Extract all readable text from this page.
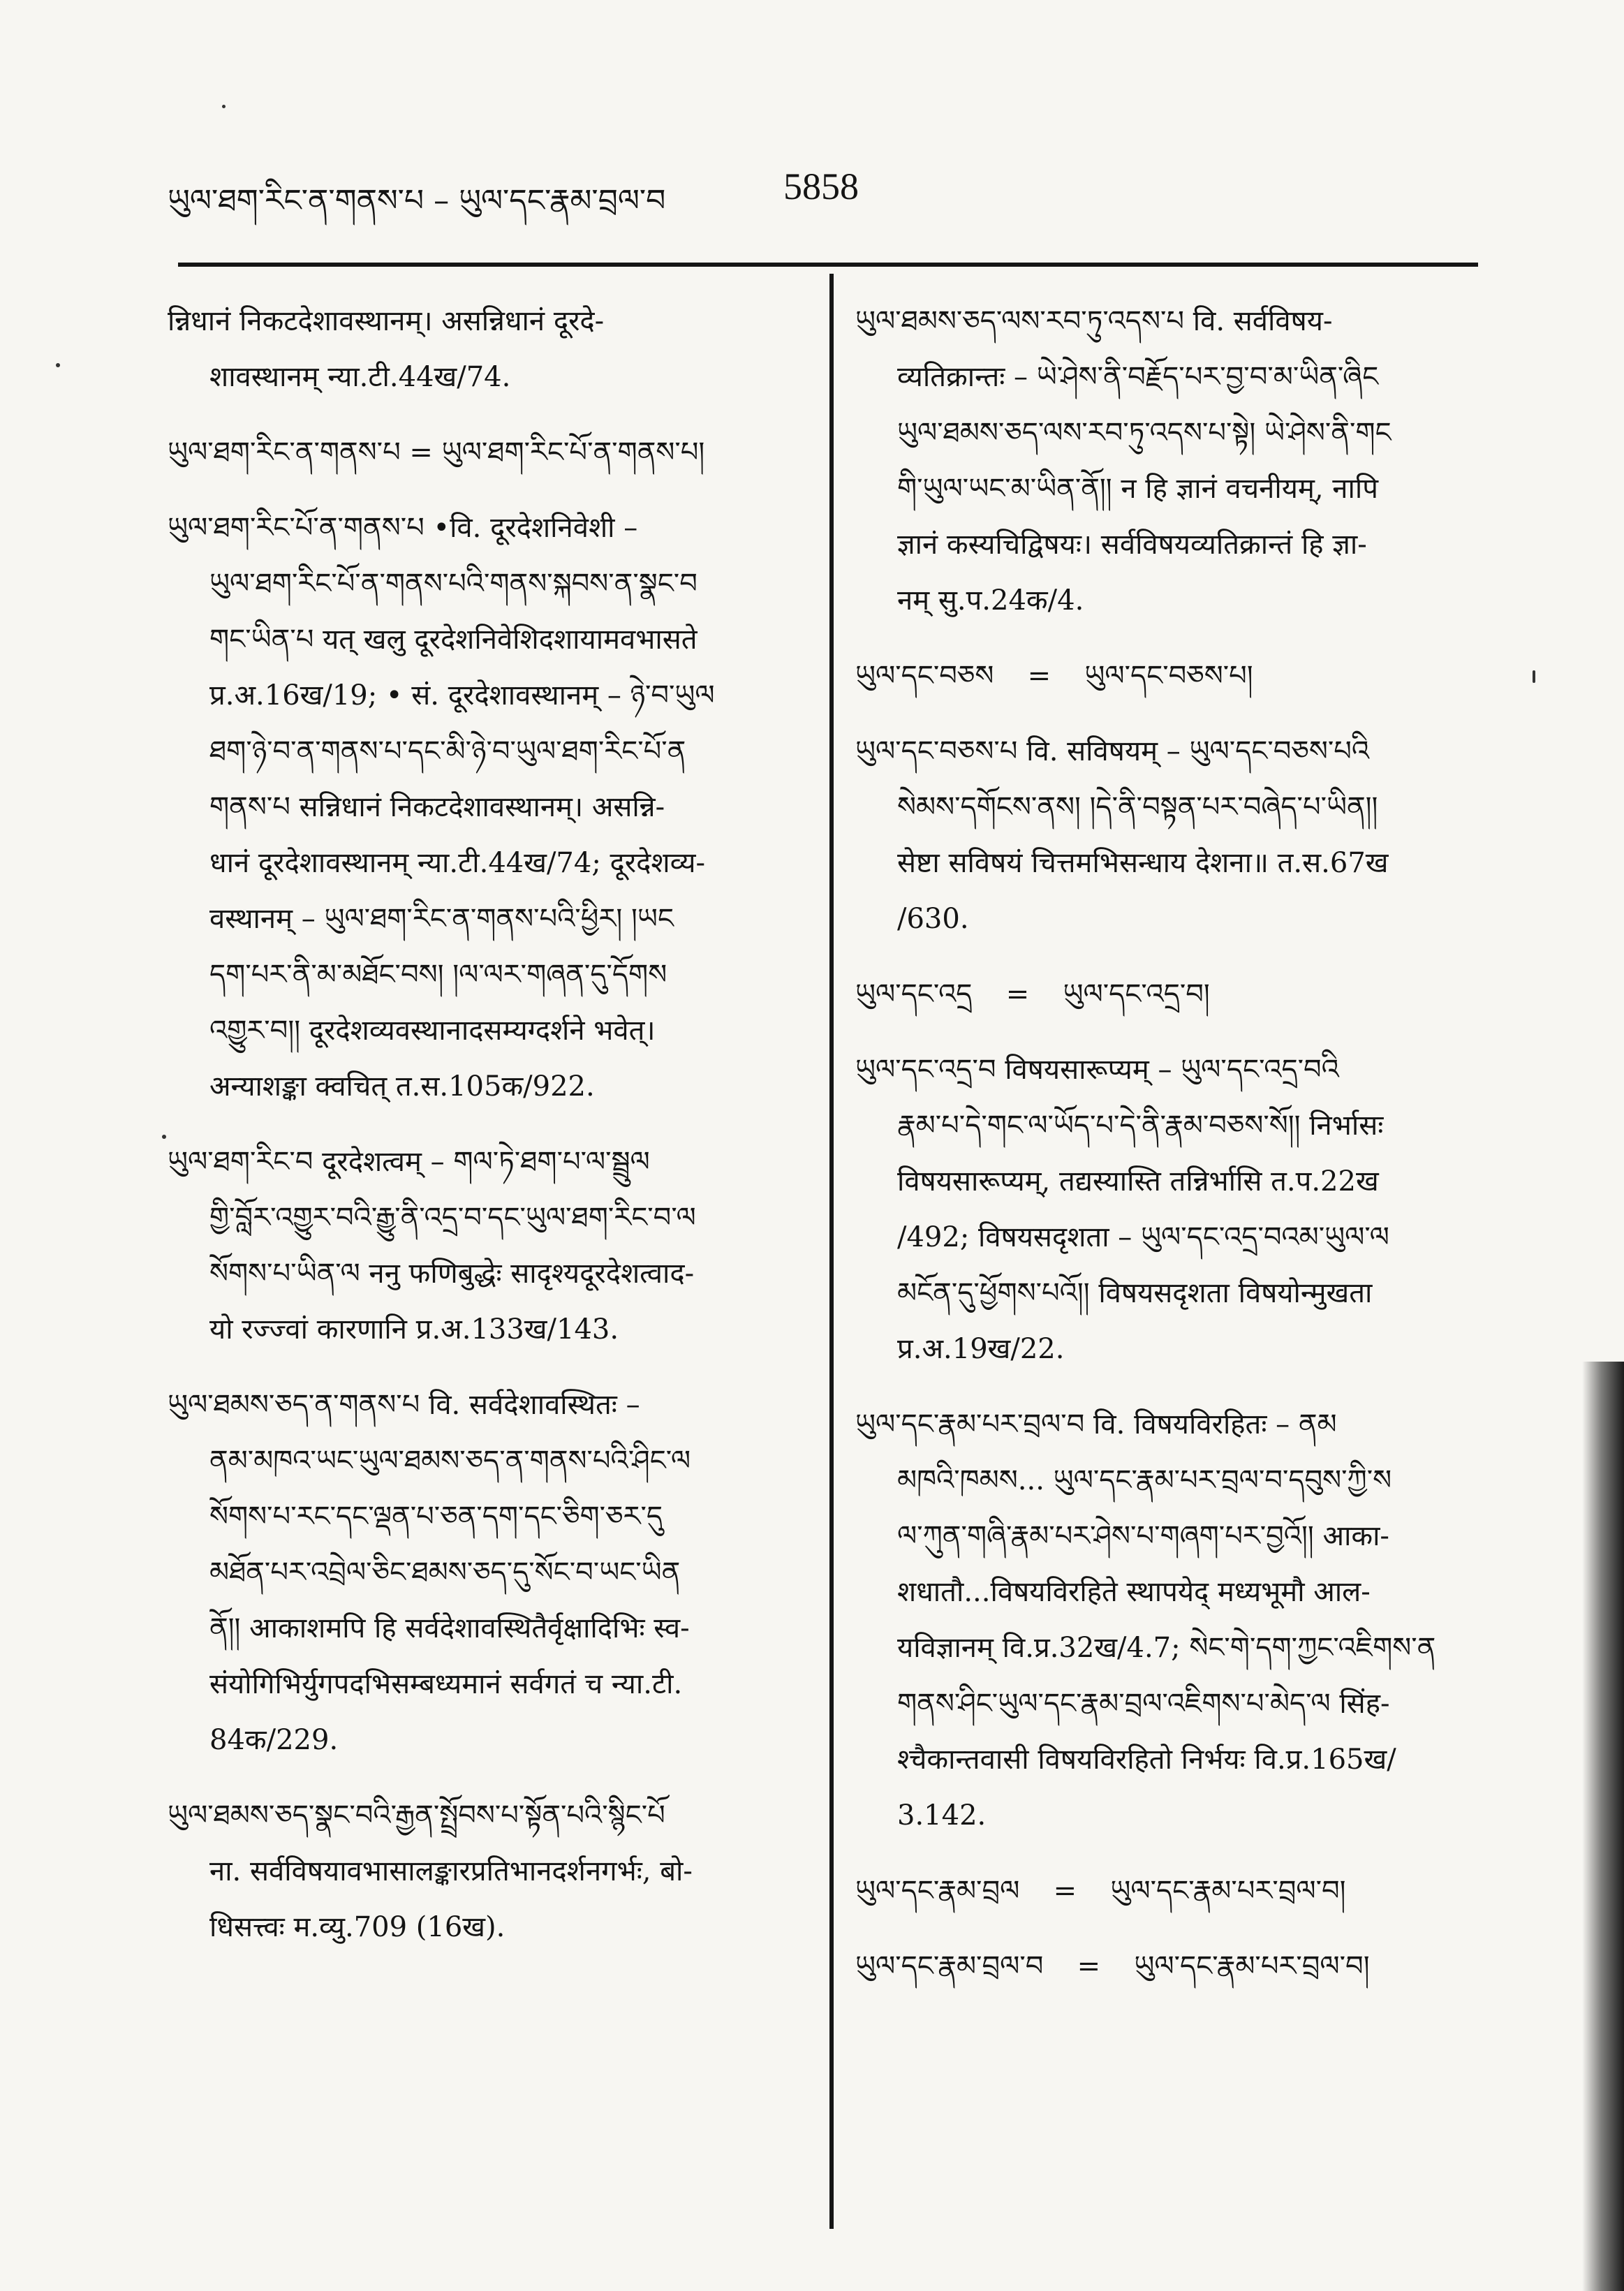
ཡུལ་ཐག་རིང་ན་གནས་པ – ཡུལ་དང་རྣམ་བྲལ་བ	5858

न्निधानं निकटदेशावस्थानम्। असन्निधानं दूरदे-

शावस्थानम् न्या.टी.44ख/74.

ཡུལ་ཐག་རིང་ན་གནས་པ = ཡུལ་ཐག་རིང་པོ་ན་གནས་པ།

ཡུལ་ཐག་རིང་པོ་ན་གནས་པ •वि. दूरदेशनिवेशी –

ཡུལ་ཐག་རིང་པོ་ན་གནས་པའི་གནས་སྐབས་ན་སྣང་བ

གང་ཡིན་པ यत् खलु दूरदेशनिवेशिदशायामवभासते

प्र.अ.16ख/19; • सं. दूरदेशावस्थानम् – ཉེ་བ་ཡུལ

ཐག་ཉེ་བ་ན་གནས་པ་དང་མི་ཉེ་བ་ཡུལ་ཐག་རིང་པོ་ན

གནས་པ सन्निधानं निकटदेशावस्थानम्। असन्नि-

धानं दूरदेशावस्थानम् न्या.टी.44ख/74; दूरदेशव्य-

वस्थानम् – ཡུལ་ཐག་རིང་ན་གནས་པའི་ཕྱིར། །ཡང

དག་པར་ནི་མ་མཐོང་བས། །ལ་ལར་གཞན་དུ་དོགས

འགྱུར་བ།། दूरदेशव्यवस्थानादसम्यग्दर्शने भवेत्।

अन्याशङ्का क्वचित् त.स.105क/922.

ཡུལ་ཐག་རིང་བ दूरदेशत्वम् – གལ་ཏེ་ཐག་པ་ལ་སྦྲུལ

གྱི་བློར་འགྱུར་བའི་རྒྱུ་ནི་འདྲ་བ་དང་ཡུལ་ཐག་རིང་བ་ལ

སོགས་པ་ཡིན་ལ ननु फणिबुद्धेः सादृश्यदूरदेशत्वाद-

यो रज्ज्वां कारणानि प्र.अ.133ख/143.

ཡུལ་ཐམས་ཅད་ན་གནས་པ वि. सर्वदेशावस्थितः –

ནམ་མཁའ་ཡང་ཡུལ་ཐམས་ཅད་ན་གནས་པའི་ཤིང་ལ

སོགས་པ་རང་དང་ལྡན་པ་ཅན་དག་དང་ཅིག་ཅར་དུ

མཐོན་པར་འབྲེལ་ཅིང་ཐམས་ཅད་དུ་སོང་བ་ཡང་ཡིན

ནོ།། आकाशमपि हि सर्वदेशावस्थितैर्वृक्षादिभिः स्व-

संयोगिभिर्युगपदभिसम्बध्यमानं सर्वगतं च न्या.टी.

84क/229.

ཡུལ་ཐམས་ཅད་སྣང་བའི་རྒྱན་སྤྲོབས་པ་སྟོན་པའི་སྙིང་པོ

ना. सर्वविषयावभासालङ्कारप्रतिभानदर्शनगर्भः, बो-

धिसत्त्वः म.व्यु.709 (16ख).

ཡུལ་ཐམས་ཅད་ལས་རབ་ཏུ་འདས་པ वि. सर्वविषय-

व्यतिक्रान्तः – ཡེ་ཤེས་ནི་བརྗོད་པར་བྱ་བ་མ་ཡིན་ཞིང

ཡུལ་ཐམས་ཅད་ལས་རབ་ཏུ་འདས་པ་སྟེ། ཡེ་ཤེས་ནི་གང

གི་ཡུལ་ཡང་མ་ཡིན་ནོ།། न हि ज्ञानं वचनीयम्, नापि

ज्ञानं कस्यचिद्विषयः। सर्वविषयव्यतिक्रान्तं हि ज्ञा-

नम् सु.प.24क/4.

ཡུལ་དང་བཅས = ཡུལ་དང་བཅས་པ།

ཡུལ་དང་བཅས་པ वि. सविषयम् – ཡུལ་དང་བཅས་པའི

སེམས་དགོངས་ནས། །དེ་ནི་བསྟན་པར་བཞེད་པ་ཡིན།།

सेष्टा सविषयं चित्तमभिसन्धाय देशना॥ त.स.67ख

/630.

ཡུལ་དང་འདྲ = ཡུལ་དང་འདྲ་བ།

ཡུལ་དང་འདྲ་བ विषयसारूप्यम् – ཡུལ་དང་འདྲ་བའི

རྣམ་པ་དེ་གང་ལ་ཡོད་པ་དེ་ནི་རྣམ་བཅས་སོ།། निर्भासः

विषयसारूप्यम्, तद्यस्यास्ति तन्निर्भासि त.प.22ख

/492; विषयसदृशता – ཡུལ་དང་འདྲ་བའམ་ཡུལ་ལ

མངོན་དུ་ཕྱོགས་པའོ།། विषयसदृशता विषयोन्मुखता

प्र.अ.19ख/22.

ཡུལ་དང་རྣམ་པར་བྲལ་བ वि. विषयविरहितः – ནམ

མཁའི་ཁམས... ཡུལ་དང་རྣམ་པར་བྲལ་བ་དབུས་ཀྱི་ས

ལ་ཀུན་གཞི་རྣམ་པར་ཤེས་པ་གཞག་པར་བྱའོ།། आका-

शधातौ...विषयविरहिते स्थापयेद् मध्यभूमौ आल-

यविज्ञानम् वि.प्र.32ख/4.7; སེང་གེ་དག་ཀྱང་འཇིགས་ན

གནས་ཤིང་ཡུལ་དང་རྣམ་བྲལ་འཇིགས་པ་མེད་ལ सिंह-

श्चैकान्तवासी विषयविरहितो निर्भयः वि.प्र.165ख/

3.142.

ཡུལ་དང་རྣམ་བྲལ = ཡུལ་དང་རྣམ་པར་བྲལ་བ།

ཡུལ་དང་རྣམ་བྲལ་བ = ཡུལ་དང་རྣམ་པར་བྲལ་བ།
